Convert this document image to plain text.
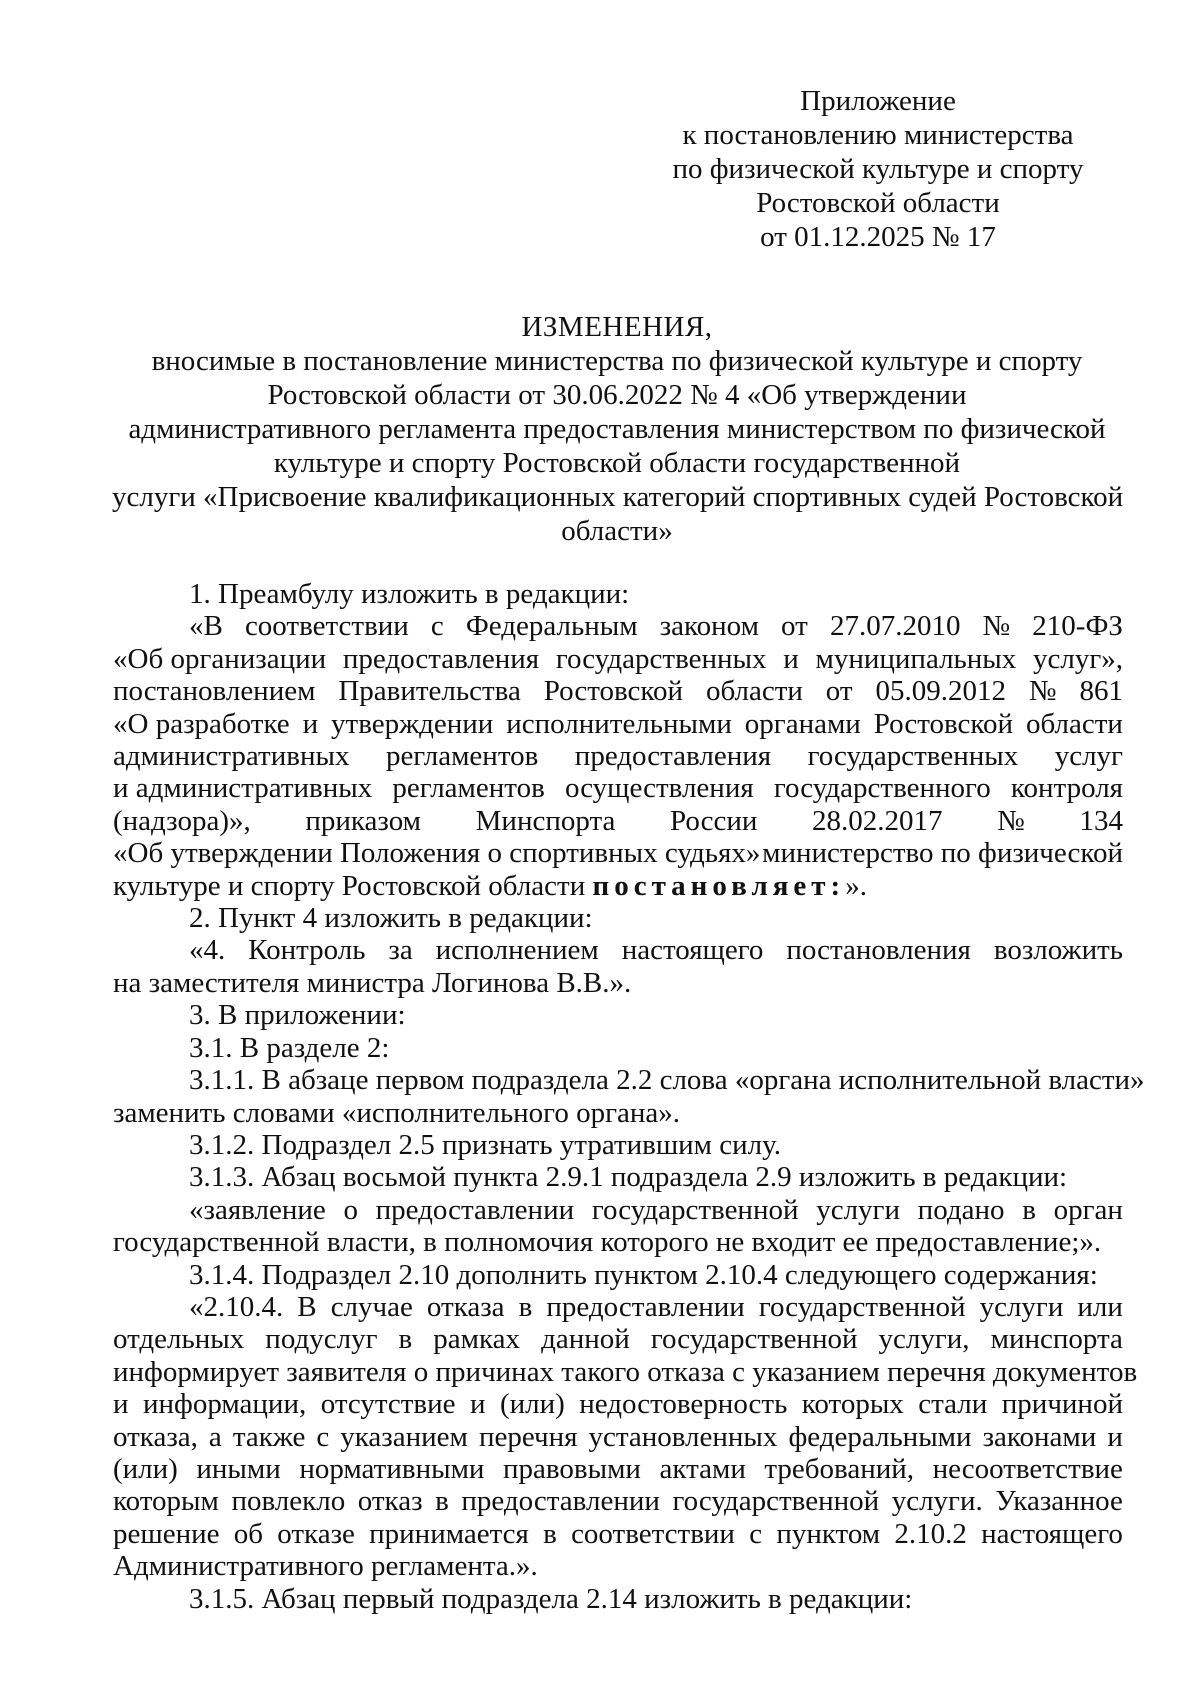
Приложение
к постановлению министерства
по физической культуре и спорту
Ростовской области
от 01.12.2025 № 17
ИЗМЕНЕНИЯ,
вносимые в постановление министерства по физической культуре и спорту
Ростовской области от 30.06.2022 № 4 «Об утверждении
административного регламента предоставления министерством по физической
культуре и спорту Ростовской области государственной
услуги «Присвоение квалификационных категорий спортивных судей Ростовской
области»
1. Преамбулу изложить в редакции:
«В соответствии с Федеральным законом от 27.07.2010 № 210-ФЗ
«Об организации предоставления государственных и муниципальных услуг»,
постановлением Правительства Ростовской области от 05.09.2012 № 861
«О разработке и утверждении исполнительными органами Ростовской области
административных регламентов предоставления государственных услуг
и административных регламентов осуществления государственного контроля
(надзора)», приказом Минспорта России 28.02.2017 № 134
«Об утверждении Положения о спортивных судьях» министерство по физической
культуре и спорту Ростовской области постановляет:».
2. Пункт 4 изложить в редакции:
«4. Контроль за исполнением настоящего постановления возложить
на заместителя министра Логинова В.В.».
3. В приложении:
3.1. В разделе 2:
3.1.1. В абзаце первом подраздела 2.2 слова «органа исполнительной власти»
заменить словами «исполнительного органа».
3.1.2. Подраздел 2.5 признать утратившим силу.
3.1.3. Абзац восьмой пункта 2.9.1 подраздела 2.9 изложить в редакции:
«заявление о предоставлении государственной услуги подано в орган
государственной власти, в полномочия которого не входит ее предоставление;».
3.1.4. Подраздел 2.10 дополнить пунктом 2.10.4 следующего содержания:
«2.10.4. В случае отказа в предоставлении государственной услуги или
отдельных подуслуг в рамках данной государственной услуги, минспорта
информирует заявителя о причинах такого отказа с указанием перечня документов
и информации, отсутствие и (или) недостоверность которых стали причиной
отказа, а также с указанием перечня установленных федеральными законами и
(или) иными нормативными правовыми актами требований, несоответствие
которым повлекло отказ в предоставлении государственной услуги. Указанное
решение об отказе принимается в соответствии с пунктом 2.10.2 настоящего
Административного регламента.».
3.1.5. Абзац первый подраздела 2.14 изложить в редакции:
